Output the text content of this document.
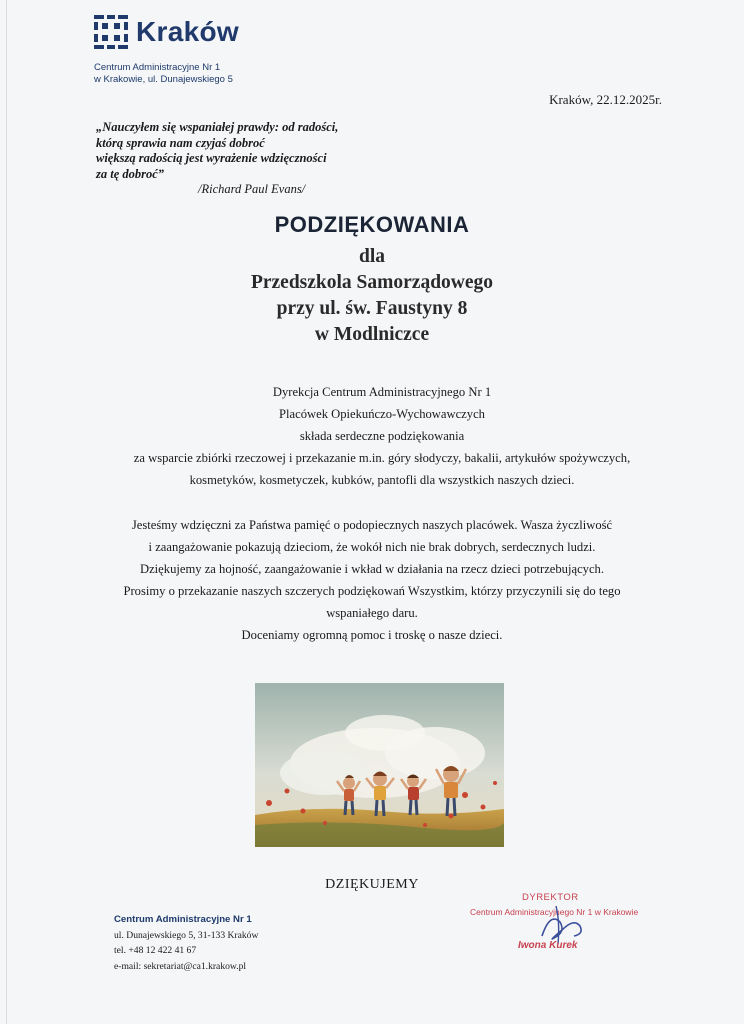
Kraków
Centrum Administracyjne Nr 1
w Krakowie, ul. Dunajewskiego 5
Kraków, 22.12.2025r.
„Nauczyłem się wspaniałej prawdy: od radości,
którą sprawia nam czyjaś dobroć
większą radością jest wyrażenie wdzięczności
za tę dobroć”
/Richard Paul Evans/
PODZIĘKOWANIA
dla
Przedszkola Samorządowego
przy ul. św. Faustyny 8
w Modlniczce
Dyrekcja Centrum Administracyjnego Nr 1
Placówek Opiekuńczo-Wychowawczych
składa serdeczne podziękowania
za wsparcie zbiórki rzeczowej i przekazanie m.in. góry słodyczy, bakalii, artykułów spożywczych,
kosmetyków, kosmetyczek, kubków, pantofli dla wszystkich naszych dzieci.
Jesteśmy wdzięczni za Państwa pamięć o podopiecznych naszych placówek. Wasza życzliwość
i zaangażowanie pokazują dzieciom, że wokół nich nie brak dobrych, serdecznych ludzi.
Dziękujemy za hojność, zaangażowanie i wkład w działania na rzecz dzieci potrzebujących.
Prosimy o przekazanie naszych szczerych podziękowań Wszystkim, którzy przyczynili się do tego
wspaniałego daru.
Doceniamy ogromną pomoc i troskę o nasze dzieci.
DZIĘKUJEMY
Centrum Administracyjne Nr 1
ul. Dunajewskiego 5, 31-133 Kraków
tel. +48 12 422 41 67
e-mail: sekretariat@ca1.krakow.pl
DYREKTOR
Centrum Administracyjnego Nr 1 w Krakowie
Iwona Kurek
